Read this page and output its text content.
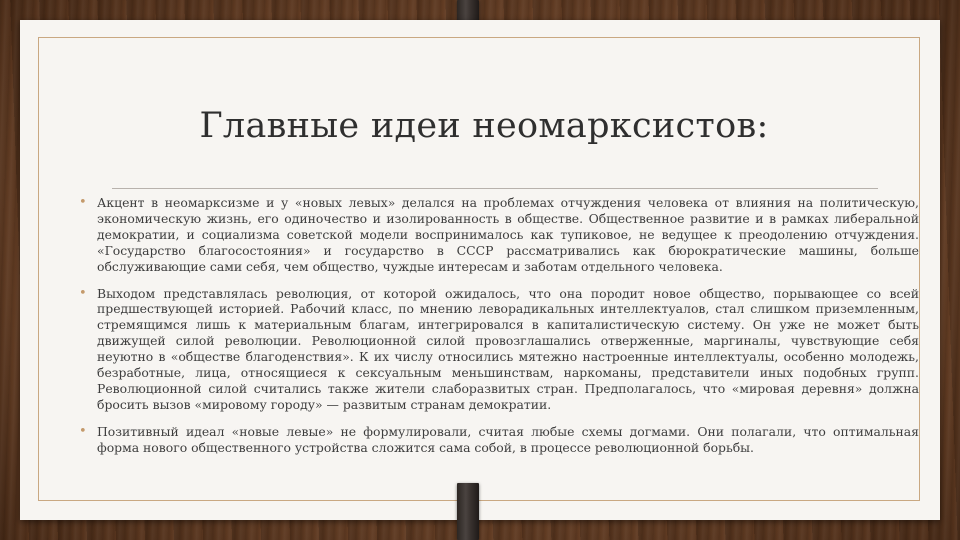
Главные идеи неомарксистов:
• Акцент в неомарксизме и у «новых левых» делался на проблемах отчуждения человека от влияния на политическую, экономическую жизнь, его одиночество и изолированность в обществе. Общественное развитие и в рамках либеральной демократии, и социализма советской модели воспринималось как тупиковое, не ведущее к преодолению отчуждения. «Государство благосостояния» и государство в СССР рассматривались как бюрократические машины, больше обслуживающие сами себя, чем общество, чуждые интересам и заботам отдельного человека.
• Выходом представлялась революция, от которой ожидалось, что она породит новое общество, порывающее со всей предшествующей историей. Рабочий класс, по мнению леворадикальных интеллектуалов, стал слишком приземленным, стремящимся лишь к материальным благам, интегрировался в капиталистическую систему. Он уже не может быть движущей силой революции. Революционной силой провозглашались отверженные, маргиналы, чувствующие себя неуютно в «обществе благоденствия». К их числу относились мятежно настроенные интеллектуалы, особенно молодежь, безработные, лица, относящиеся к сексуальным меньшинствам, наркоманы, представители иных подобных групп. Революционной силой считались также жители слаборазвитых стран. Предполагалось, что «мировая деревня» должна бросить вызов «мировому городу» — развитым странам демократии.
• Позитивный идеал «новые левые» не формулировали, считая любые схемы догмами. Они полагали, что оптимальная форма нового общественного устройства сложится сама собой, в процессе революционной борьбы.
